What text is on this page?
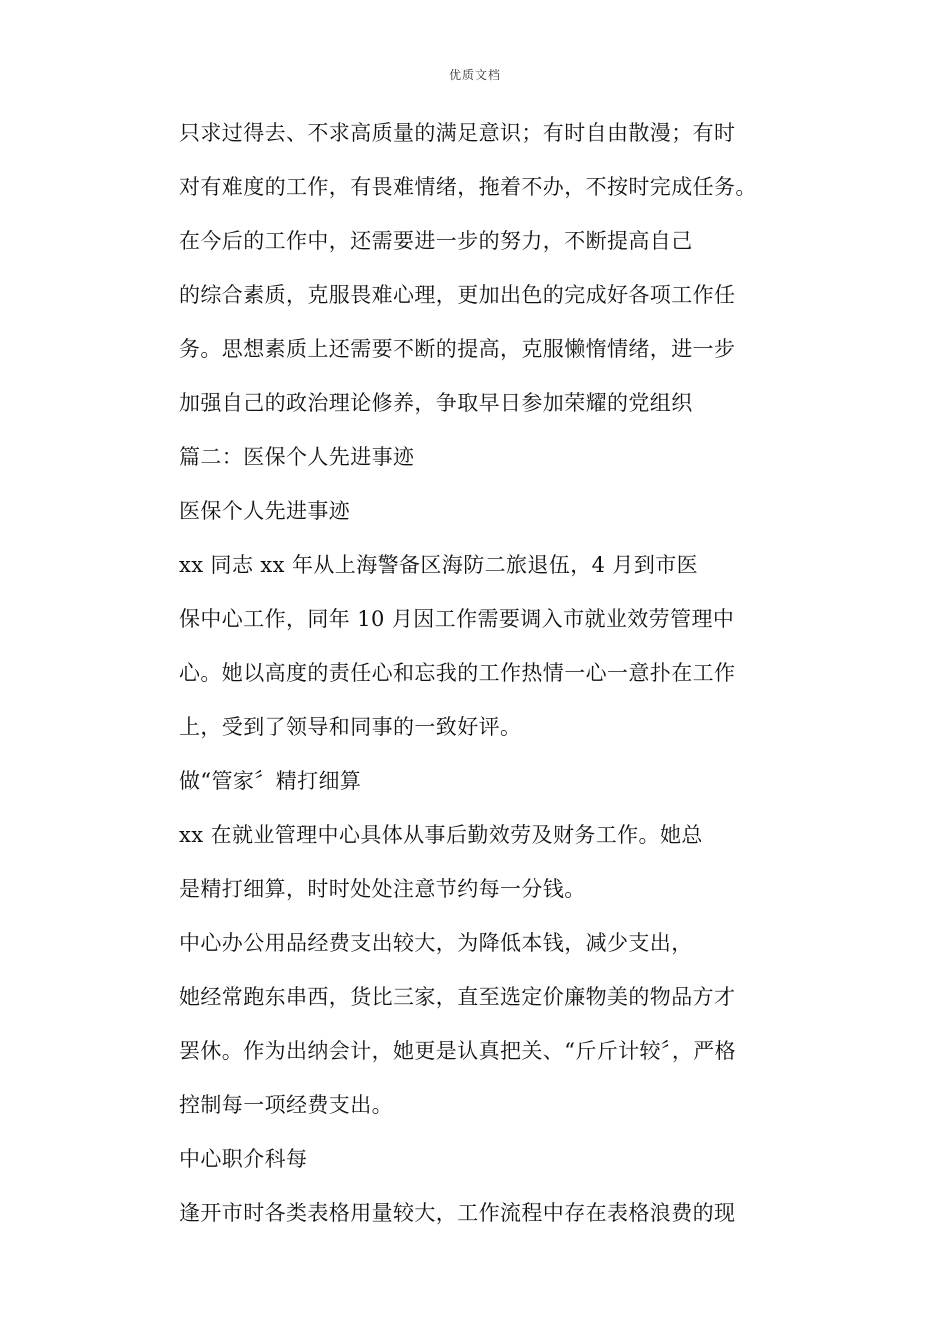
优质文档
只求过得去、不求高质量的满足意识；有时自由散漫；有时
对有难度的工作，有畏难情绪，拖着不办，不按时完成任务。
在今后的工作中，还需要进一步的努力，不断提高自己
的综合素质，克服畏难心理，更加出色的完成好各项工作任
务。思想素质上还需要不断的提高，克服懒惰情绪，进一步
加强自己的政治理论修养，争取早日参加荣耀的党组织
篇二：医保个人先进事迹
医保个人先进事迹
xx 同志 xx 年从上海警备区海防二旅退伍，4 月到市医
保中心工作，同年 10 月因工作需要调入市就业效劳管理中
心。她以高度的责任心和忘我的工作热情一心一意扑在工作
上，受到了领导和同事的一致好评。
做“管家〞精打细算
xx 在就业管理中心具体从事后勤效劳及财务工作。她总
是精打细算，时时处处注意节约每一分钱。
中心办公用品经费支出较大，为降低本钱，减少支出，
她经常跑东串西，货比三家，直至选定价廉物美的物品方才
罢休。作为出纳会计，她更是认真把关、“斤斤计较〞，严格
控制每一项经费支出。
中心职介科每
逢开市时各类表格用量较大，工作流程中存在表格浪费的现
